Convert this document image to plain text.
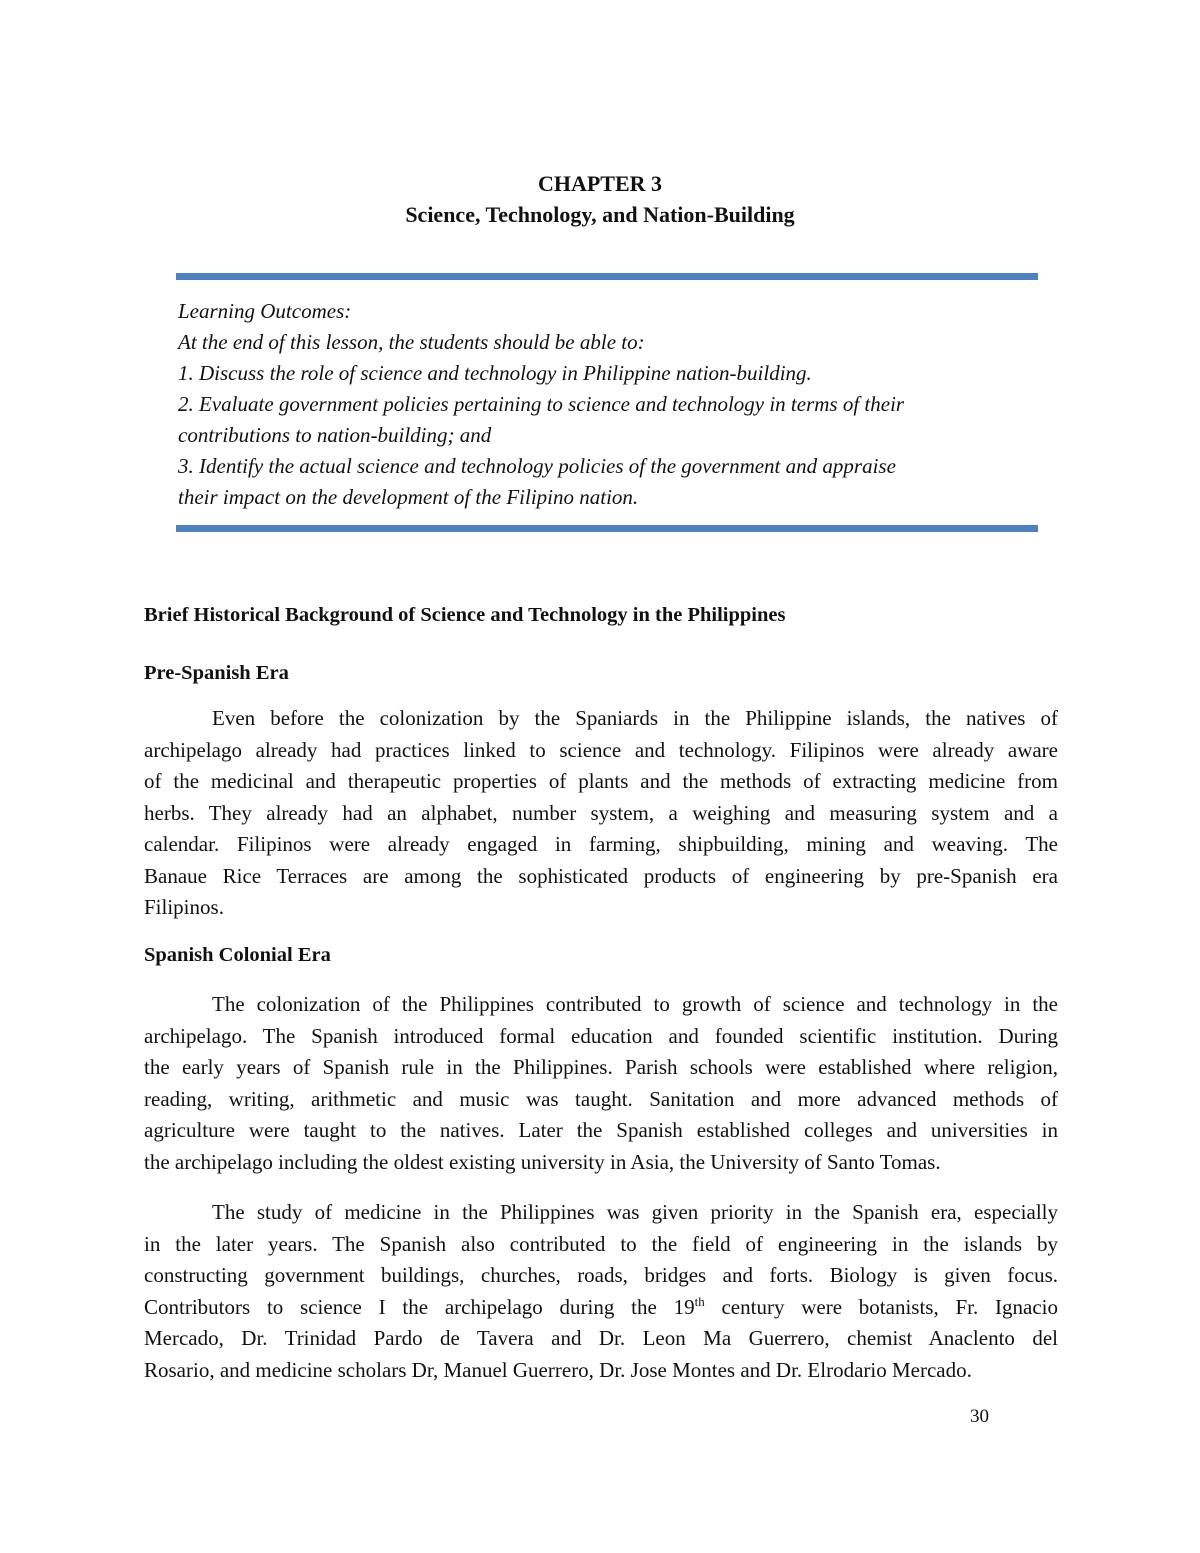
CHAPTER 3
Science, Technology, and Nation-Building
Learning Outcomes:
At the end of this lesson, the students should be able to:
1. Discuss the role of science and technology in Philippine nation-building.
2. Evaluate government policies pertaining to science and technology in terms of their
contributions to nation-building; and
3. Identify the actual science and technology policies of the government and appraise
their impact on the development of the Filipino nation.
Brief Historical Background of Science and Technology in the Philippines
Pre-Spanish Era
Even before the colonization by the Spaniards in the Philippine islands, the natives of
archipelago already had practices linked to science and technology. Filipinos were already aware
of the medicinal and therapeutic properties of plants and the methods of extracting medicine from
herbs. They already had an alphabet, number system, a weighing and measuring system and a
calendar. Filipinos were already engaged in farming, shipbuilding, mining and weaving. The
Banaue Rice Terraces are among the sophisticated products of engineering by pre-Spanish era
Filipinos.
Spanish Colonial Era
The colonization of the Philippines contributed to growth of science and technology in the
archipelago. The Spanish introduced formal education and founded scientific institution. During
the early years of Spanish rule in the Philippines. Parish schools were established where religion,
reading, writing, arithmetic and music was taught. Sanitation and more advanced methods of
agriculture were taught to the natives. Later the Spanish established colleges and universities in
the archipelago including the oldest existing university in Asia, the University of Santo Tomas.
The study of medicine in the Philippines was given priority in the Spanish era, especially
in the later years. The Spanish also contributed to the field of engineering in the islands by
constructing government buildings, churches, roads, bridges and forts. Biology is given focus.
Contributors to science I the archipelago during the 19th century were botanists, Fr. Ignacio
Mercado, Dr. Trinidad Pardo de Tavera and Dr. Leon Ma Guerrero, chemist Anaclento del
Rosario, and medicine scholars Dr, Manuel Guerrero, Dr. Jose Montes and Dr. Elrodario Mercado.
30
